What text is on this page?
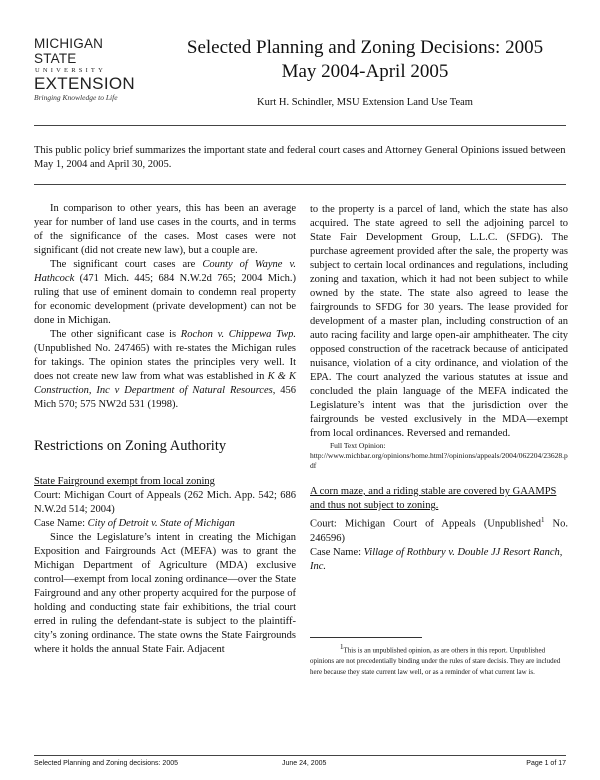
MICHIGAN STATE
UNIVERSITY
EXTENSION
Bringing Knowledge to Life
Selected Planning and Zoning Decisions: 2005
May 2004-April 2005
Kurt H. Schindler, MSU Extension Land Use Team
This public policy brief summarizes the important state and federal court cases and Attorney General Opinions issued between May 1, 2004 and April 30, 2005.

In comparison to other years, this has been an average year for number of land use cases in the courts, and in terms of the significance of the cases. Most cases were not significant (did not create new law), but a couple are.

The significant court cases are County of Wayne v. Hathcock (471 Mich. 445; 684 N.W.2d 765; 2004 Mich.) ruling that use of eminent domain to condemn real property for economic development (private development) can not be done in Michigan.

The other significant case is Rochon v. Chippewa Twp. (Unpublished No. 247465) with re-states the Michigan rules for takings. The opinion states the principles very well. It does not create new law from what was established in K & K Construction, Inc v Department of Natural Resources, 456 Mich 570; 575 NW2d 531 (1998).

Restrictions on Zoning Authority

State Fairground exempt from local zoning

Court: Michigan Court of Appeals (262 Mich. App. 542; 686 N.W.2d 514; 2004)

Case Name: City of Detroit v. State of Michigan

Since the Legislature’s intent in creating the Michigan Exposition and Fairgrounds Act (MEFA) was to grant the Michigan Department of Agriculture (MDA) exclusive control—exempt from local zoning ordinance—over the State Fairground and any other property acquired for the purpose of holding and conducting state fair exhibitions, the trial court erred in ruling the defendant-state is subject to the plaintiff-city’s zoning ordinance. The state owns the State Fairgrounds where it holds the annual State Fair. Adjacent

to the property is a parcel of land, which the state has also acquired. The state agreed to sell the adjoining parcel to State Fair Development Group, L.L.C. (SFDG). The purchase agreement provided after the sale, the property was subject to certain local ordinances and regulations, including zoning and taxation, which it had not been subject to while owned by the state. The state also agreed to lease the fairgrounds to SFDG for 30 years. The lease provided for development of a master plan, including construction of an auto racing facility and large open-air amphitheater. The city opposed construction of the racetrack because of anticipated nuisance, violation of a city ordinance, and violation of the EPA. The court analyzed the various statutes at issue and concluded the plain language of the MEFA indicated the Legislature’s intent was that the jurisdiction over the fairgrounds be vested exclusively in the MDA—exempt from local ordinances. Reversed and remanded.

Full Text Opinion:

http://www.michbar.org/opinions/home.html?/opinions/appeals/2004/062204/23628.pdf

A corn maze, and a riding stable are covered by GAAMPS and thus not subject to zoning.

Court: Michigan Court of Appeals (Unpublished$^1$ No. 246596)

Case Name: Village of Rothbury v. Double JJ Resort Ranch, Inc.

$^1$This is an unpublished opinion, as are others in this report. Unpublished opinions are not precedentially binding under the rules of stare decisis. They are included here because they state current law well, or as a reminder of what current law is.
Selected Planning and Zoning decisions: 2005	June 24, 2005	Page 1 of 17
